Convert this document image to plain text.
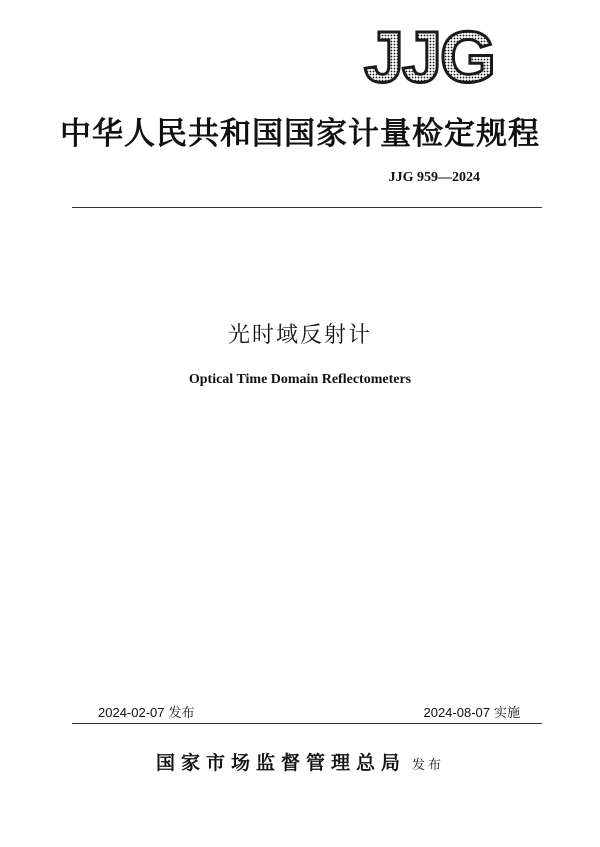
JJG
中华人民共和国国家计量检定规程
JJG 959—2024
光时域反射计
Optical Time Domain Reflectometers
2024-02-07 发布	2024-08-07 实施
国家市场监督管理总局 发布
